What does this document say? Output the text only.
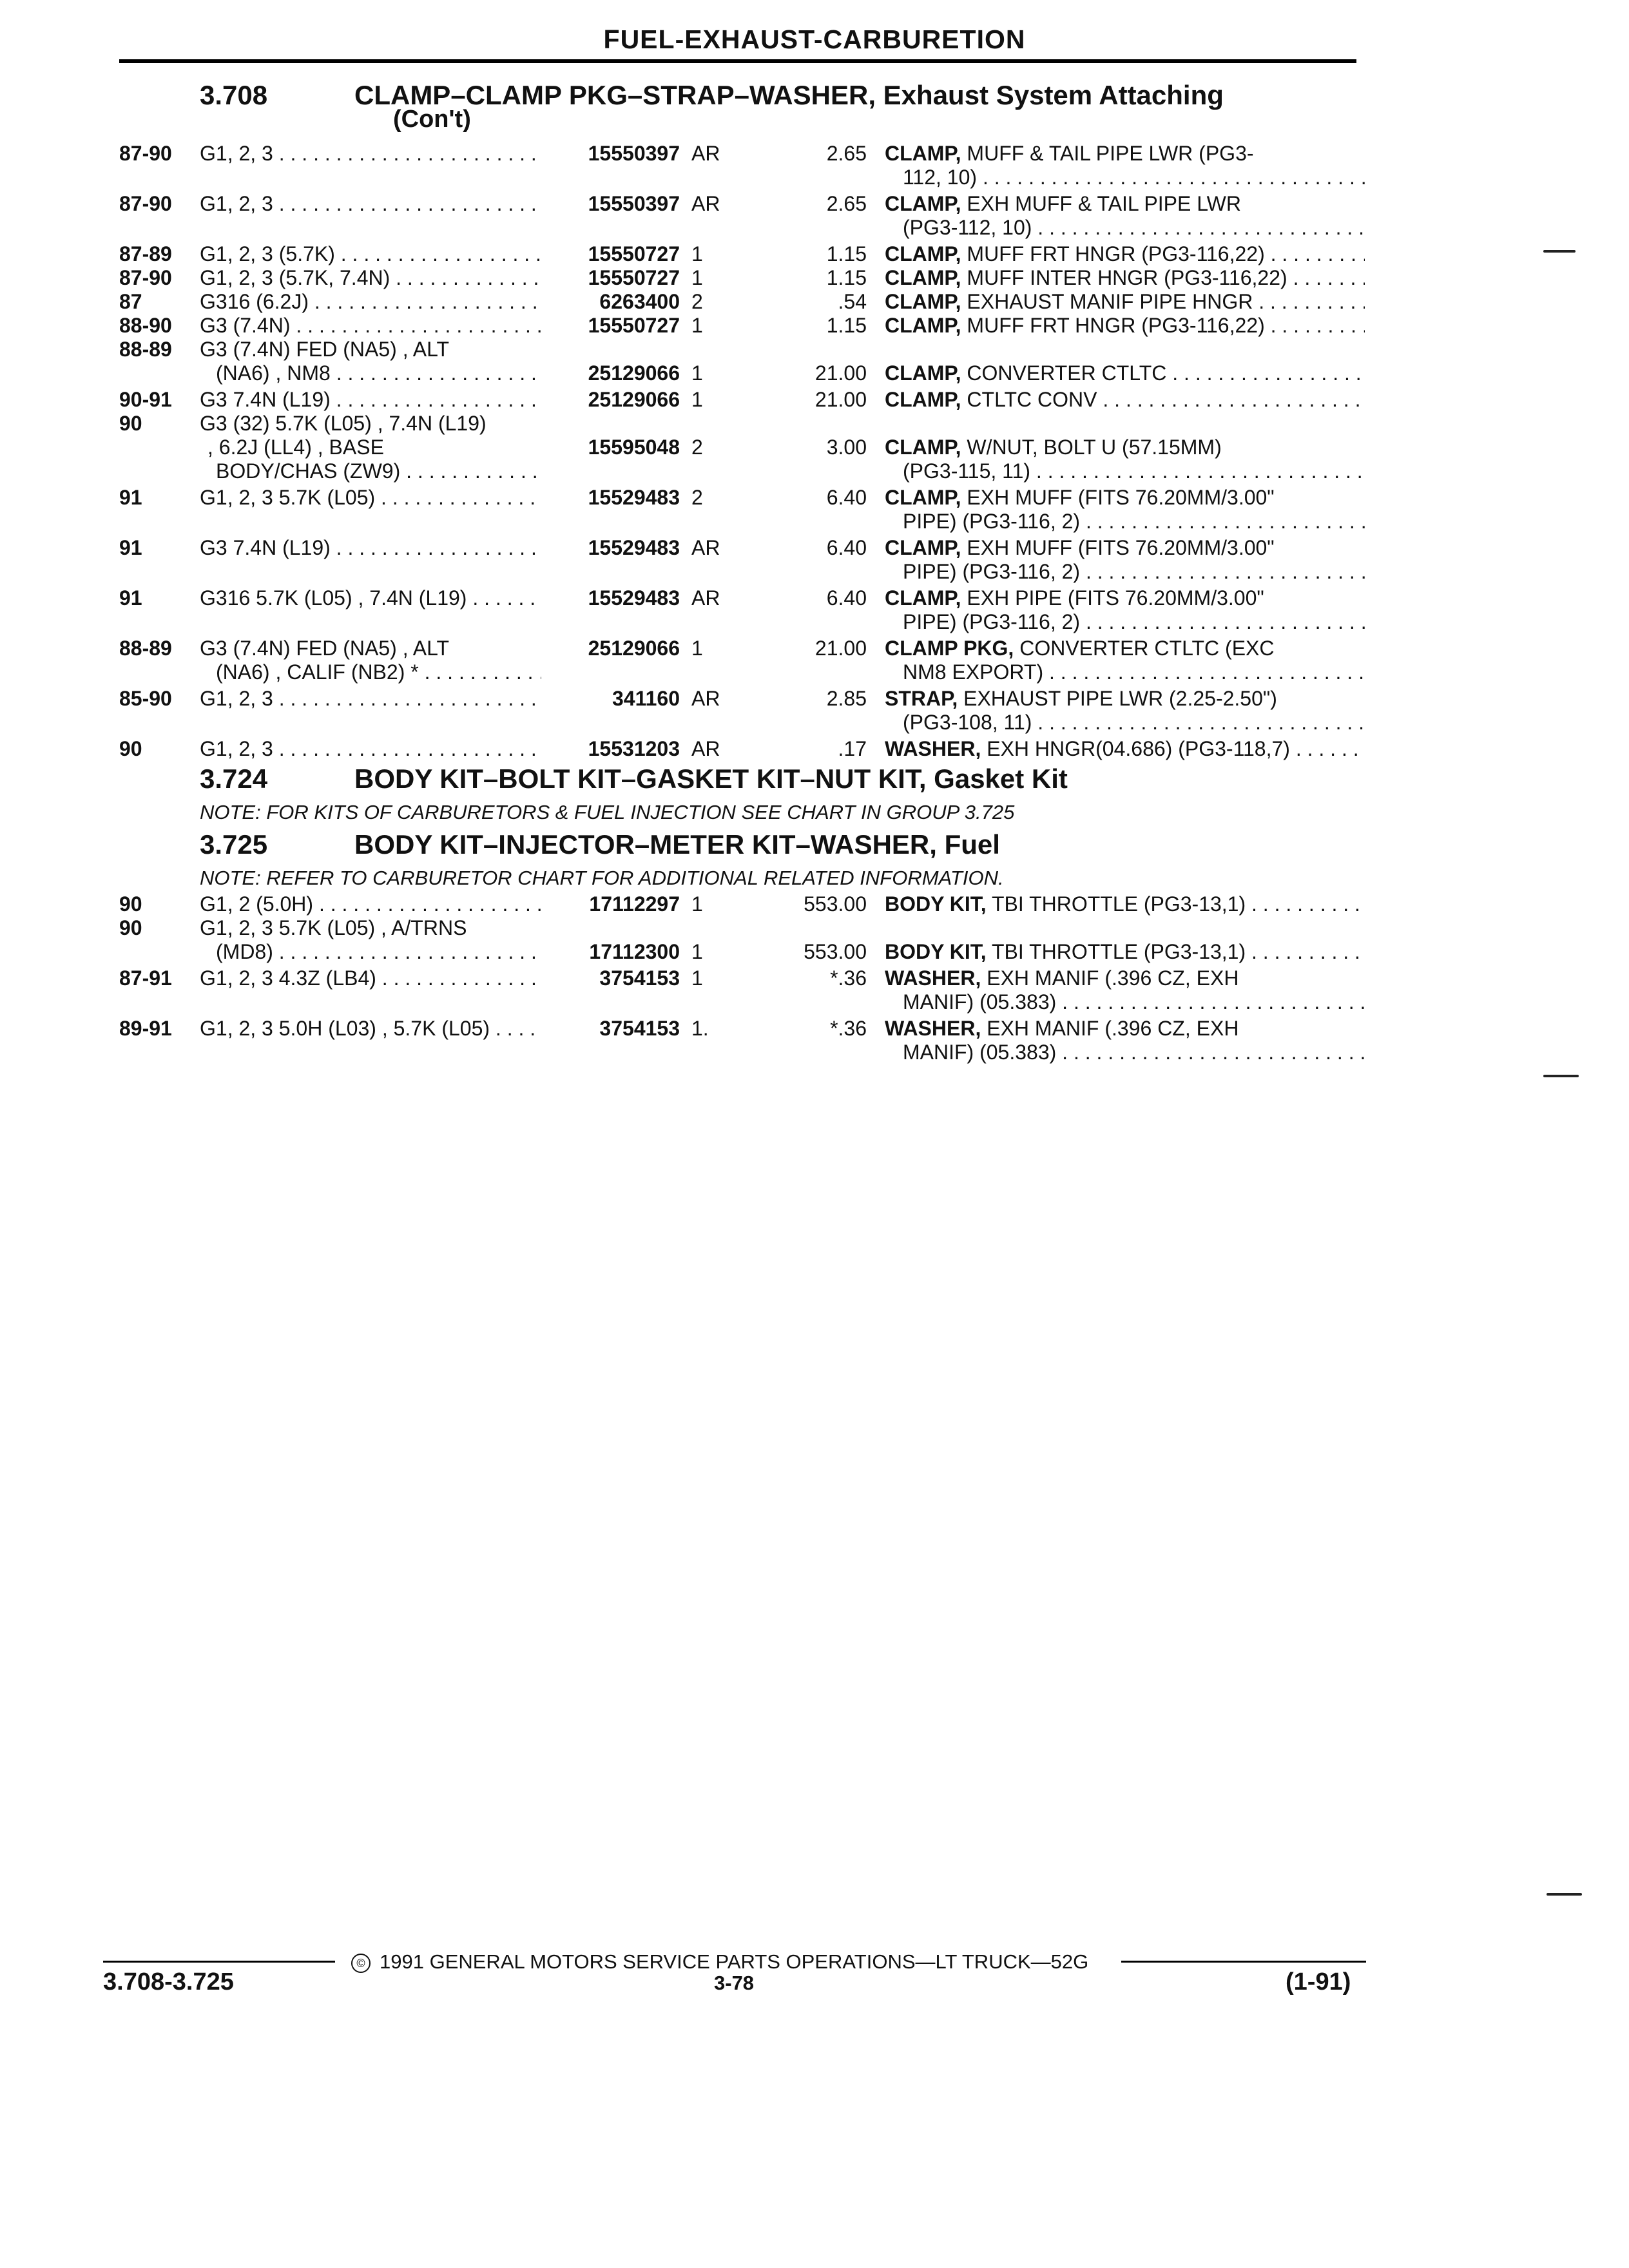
FUEL-EXHAUST-CARBURETION
3.708	CLAMP–CLAMP PKG–STRAP–WASHER, Exhaust System Attaching
(Con't)
87-90 G1, 2, 3 . . .	15550397 AR	2.65 CLAMP, MUFF & TAIL PIPE LWR (PG3-
112, 10) . . .
87-90 G1, 2, 3 . . .	15550397 AR	2.65 CLAMP, EXH MUFF & TAIL PIPE LWR
(PG3-112, 10) . . .
87-89 G1, 2, 3 (5.7K) . . .	15550727 1	1.15 CLAMP, MUFF FRT HNGR (PG3-116,22) . . .
87-90 G1, 2, 3 (5.7K, 7.4N) . . .	15550727 1	1.15 CLAMP, MUFF INTER HNGR (PG3-116,22) . . .
87	G316 (6.2J) . . .	6263400 2	.54 CLAMP, EXHAUST MANIF PIPE HNGR . . .
88-90 G3 (7.4N) . . .	15550727 1	1.15 CLAMP, MUFF FRT HNGR (PG3-116,22) . . .
88-89 G3 (7.4N) FED (NA5) , ALT
(NA6) , NM8 . . .	25129066 1	21.00 CLAMP, CONVERTER CTLTC . . .
90-91 G3 7.4N (L19) . . .	25129066 1	21.00 CLAMP, CTLTC CONV . . .
90	G3 (32) 5.7K (L05) , 7.4N (L19)
, 6.2J (LL4) , BASE
BODY/CHAS (ZW9) . . .
15595048 2	3.00 CLAMP, W/NUT, BOLT U (57.15MM)
(PG3-115, 11) . . .
91	G1, 2, 3 5.7K (L05) . . .	15529483 2	6.40 CLAMP, EXH MUFF (FITS 76.20MM/3.00"
PIPE) (PG3-116, 2) . . .
91	G3 7.4N (L19) . . .	15529483 AR	6.40 CLAMP, EXH MUFF (FITS 76.20MM/3.00"
PIPE) (PG3-116, 2) . . .
91	G316 5.7K (L05) , 7.4N (L19) . . .	15529483 AR	6.40 CLAMP, EXH PIPE (FITS 76.20MM/3.00"
PIPE) (PG3-116, 2) . . .
88-89 G3 (7.4N) FED (NA5) , ALT
(NA6) , CALIF (NB2) * . . .
25129066 1	21.00 CLAMP PKG, CONVERTER CTLTC (EXC
NM8 EXPORT) . . .
85-90 G1, 2, 3 . . .	341160 AR	2.85 STRAP, EXHAUST PIPE LWR (2.25-2.50")
(PG3-108, 11) . . .
90	G1, 2, 3 . . .	15531203 AR	.17 WASHER, EXH HNGR(04.686) (PG3-118,7) . . .
3.724	BODY KIT–BOLT KIT–GASKET KIT–NUT KIT, Gasket Kit
NOTE: FOR KITS OF CARBURETORS & FUEL INJECTION SEE CHART IN GROUP 3.725
3.725	BODY KIT–INJECTOR–METER KIT–WASHER, Fuel
NOTE: REFER TO CARBURETOR CHART FOR ADDITIONAL RELATED INFORMATION.
90	G1, 2 (5.0H) . . .	17112297 1	553.00 BODY KIT, TBI THROTTLE (PG3-13,1) . . .
90	G1, 2, 3 5.7K (L05) , A/TRNS
(MD8) . . .	17112300 1	553.00 BODY KIT, TBI THROTTLE (PG3-13,1) . . .
87-91 G1, 2, 3 4.3Z (LB4) . . .	3754153 1	*.36 WASHER, EXH MANIF (.396 CZ, EXH
MANIF) (05.383) . . .
89-91 G1, 2, 3 5.0H (L03) , 5.7K (L05) . . .	3754153 1.	*.36 WASHER, EXH MANIF (.396 CZ, EXH
MANIF) (05.383) . . .
© 1991 GENERAL MOTORS SERVICE PARTS OPERATIONS—LT TRUCK—52G
3.708-3.725	3-78	(1-91)
